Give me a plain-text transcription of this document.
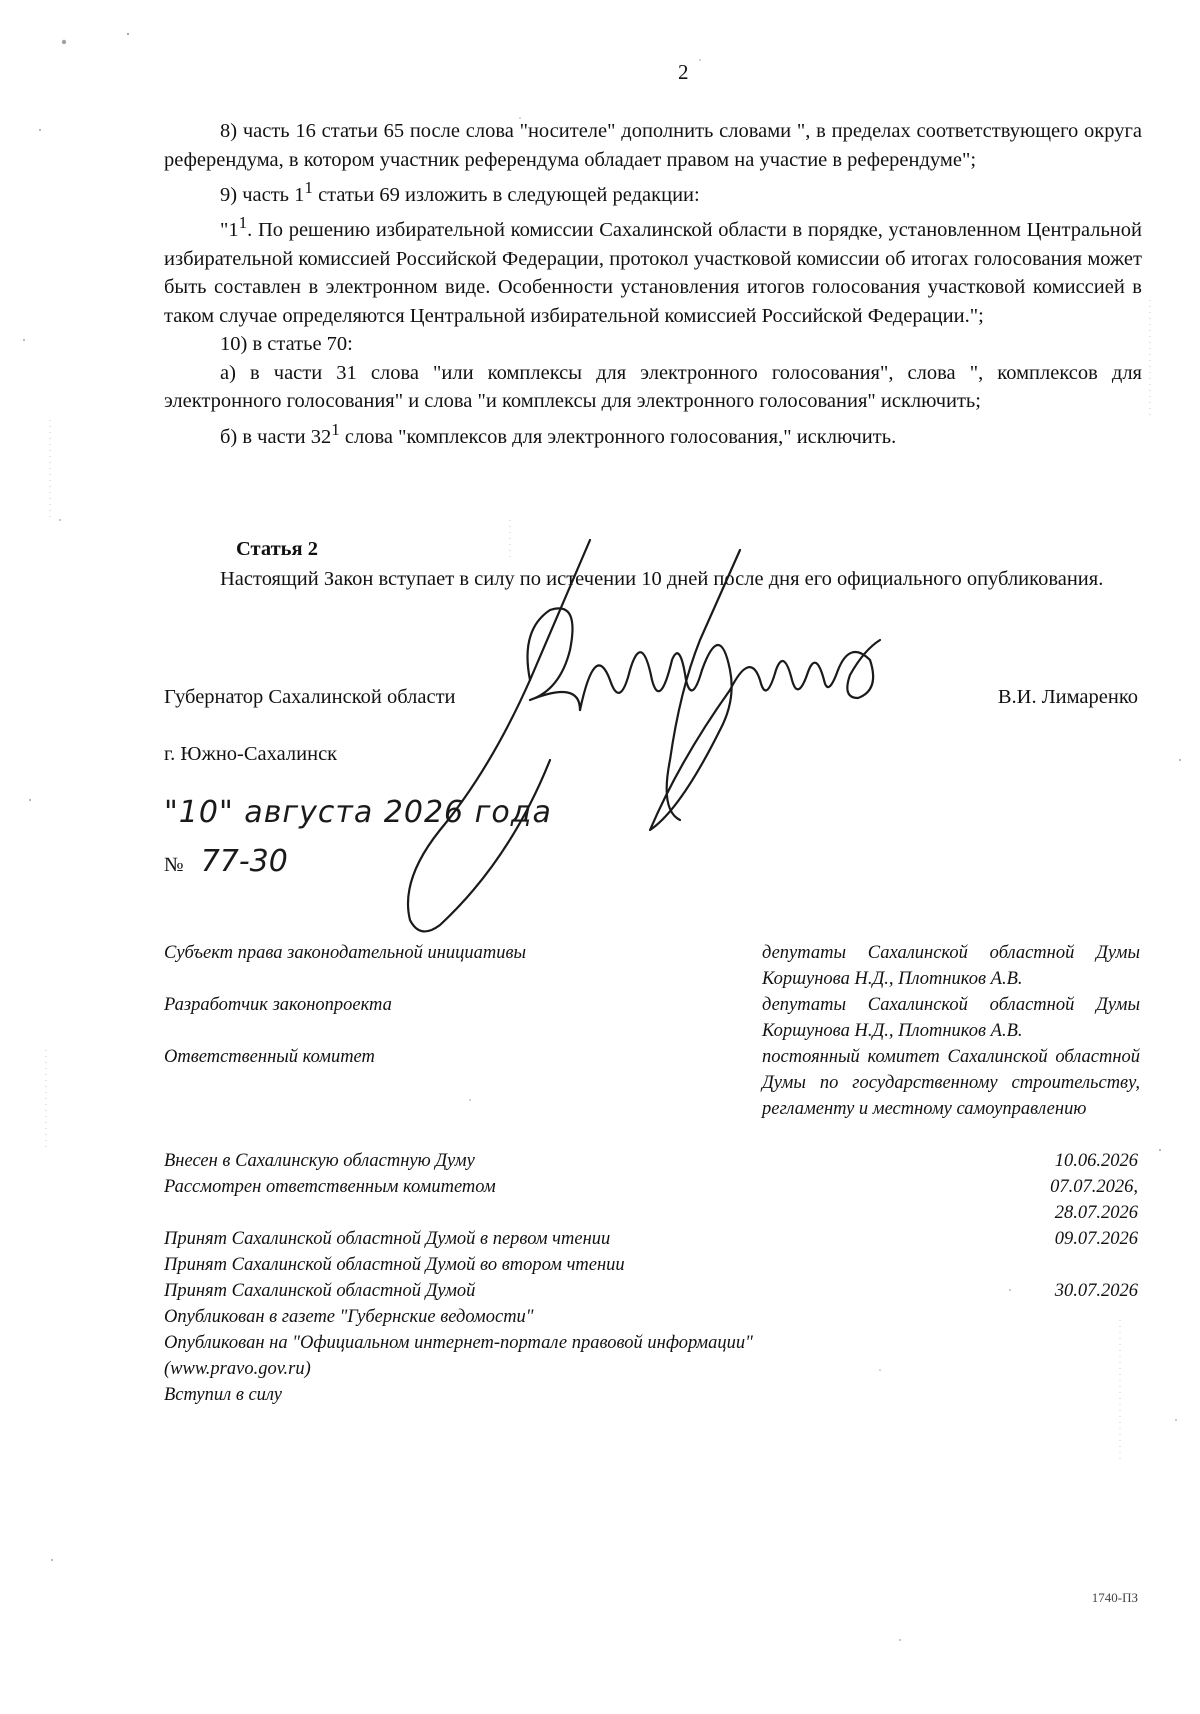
2

8) часть 16 статьи 65 после слова "носителе" дополнить словами ", в пределах соответствующего округа референдума, в котором участник референдума обладает правом на участие в референдуме";

9) часть $1^1$ статьи 69 изложить в следующей редакции:

"$1^1$. По решению избирательной комиссии Сахалинской области в порядке, установленном Центральной избирательной комиссией Российской Федерации, протокол участковой комиссии об итогах голосования может быть составлен в электронном виде. Особенности установления итогов голосования участковой комиссией в таком случае определяются Центральной избирательной комиссией Российской Федерации.";

10) в статье 70:

а) в части 31 слова "или комплексы для электронного голосования", слова ", комплексов для электронного голосования" и слова "и комплексы для электронного голосования" исключить;

б) в части $32^1$ слова "комплексов для электронного голосования," исключить.

Статья 2

Настоящий Закон вступает в силу по истечении 10 дней после дня его официального опубликования.

Губернатор Сахалинской области	В.И. Лимаренко
г. Южно-Сахалинск
"10" августа 2026 года
№ 77-30
Субъект права законодательной инициативы	депутаты Сахалинской областной Думы Коршунова Н.Д., Плотников А.В.
Разработчик законопроекта	депутаты Сахалинской областной Думы Коршунова Н.Д., Плотников А.В.
Ответственный комитет	постоянный комитет Сахалинской областной Думы по государственному строительству, регламенту и местному самоуправлению
Внесен в Сахалинскую областную Думу	10.06.2026
Рассмотрен ответственным комитетом	07.07.2026,
28.07.2026
Принят Сахалинской областной Думой в первом чтении	09.07.2026
Принят Сахалинской областной Думой во втором чтении
Принят Сахалинской областной Думой	30.07.2026
Опубликован в газете "Губернские ведомости"
Опубликован на "Официальном интернет-портале правовой информации" (www.pravo.gov.ru)
Вступил в силу
1740-ПЗ
